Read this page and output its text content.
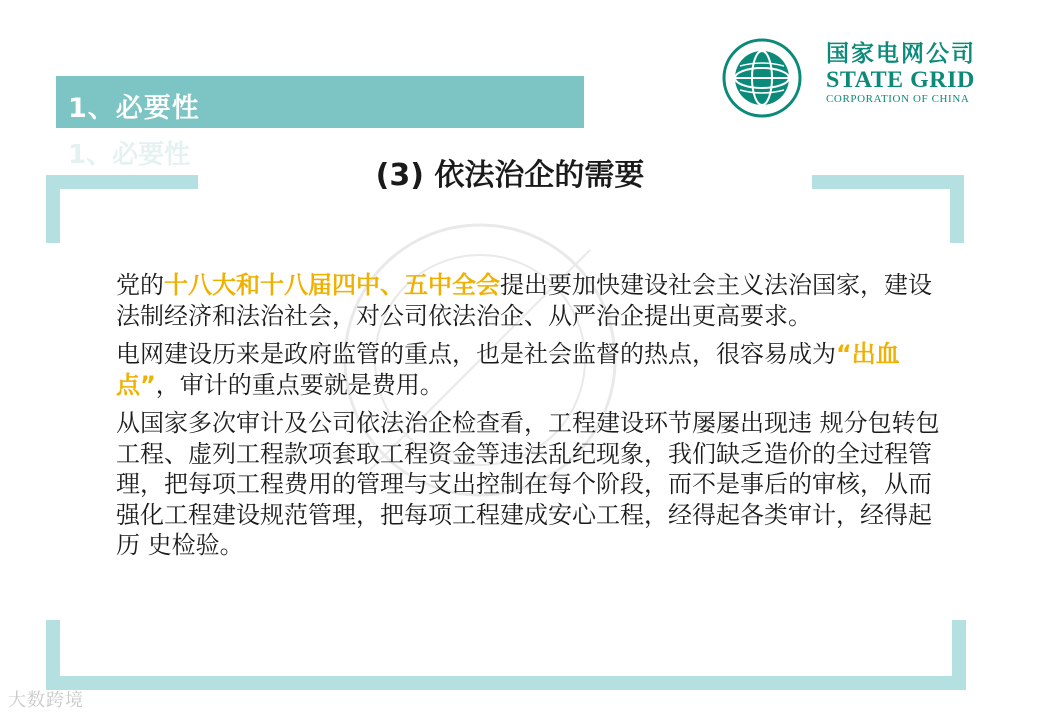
国家电网公司
STATE GRID
CORPORATION OF CHINA
1、必要性
1、必要性
(3) 依法治企的需要

党的十八大和十八届四中、五中全会提出要加快建设社会主义法治国家，建设法制经济和法治社会，对公司依法治企、从严治企提出更高要求。

电网建设历来是政府监管的重点，也是社会监督的热点，很容易成为“出血点”，审计的重点要就是费用。

从国家多次审计及公司依法治企检查看，工程建设环节屡屡出现违 规分包转包工程、虚列工程款项套取工程资金等违法乱纪现象，我们缺乏造价的全过程管理，把每项工程费用的管理与支出控制在每个阶段，而不是事后的审核，从而强化工程建设规范管理，把每项工程建成安心工程，经得起各类审计，经得起历 史检验。

大数跨境
